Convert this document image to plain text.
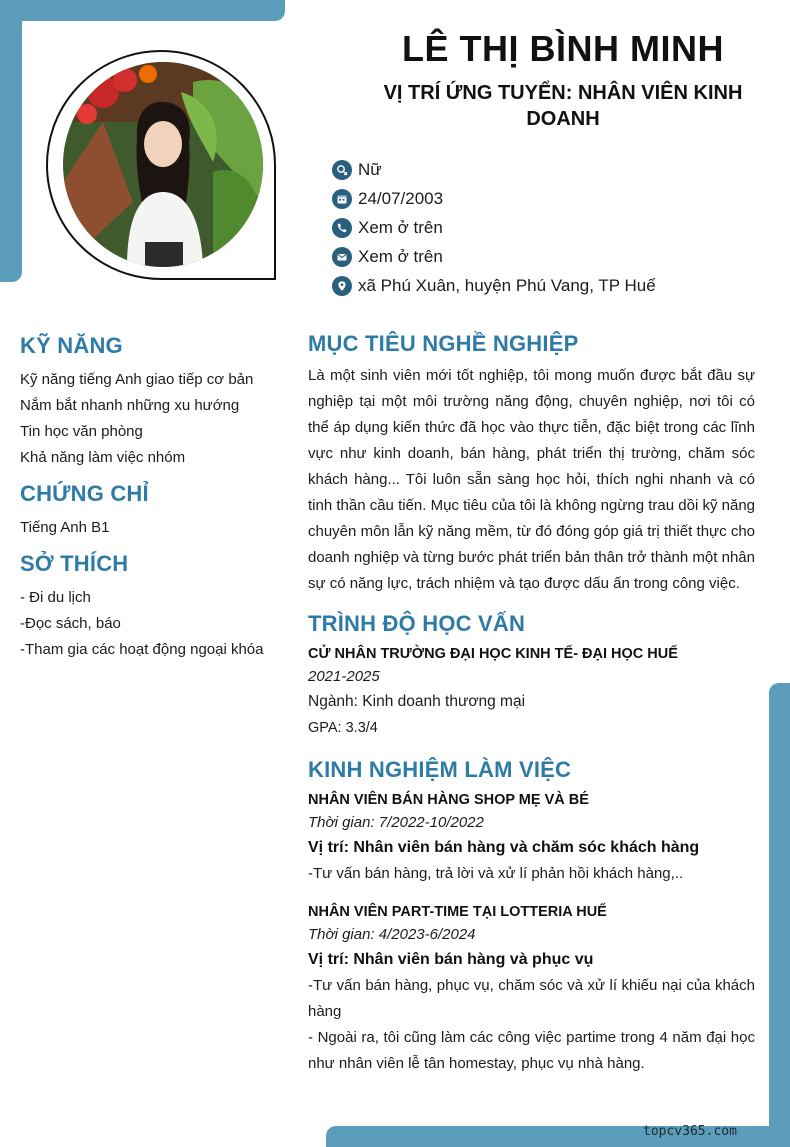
LÊ THỊ BÌNH MINH
VỊ TRÍ ỨNG TUYỂN: NHÂN VIÊN KINH DOANH
Nữ
24/07/2003
Xem ở trên
Xem ở trên
xã Phú Xuân, huyện Phú Vang, TP Huế
KỸ NĂNG
Kỹ năng tiếng Anh giao tiếp cơ bản
Nắm bắt nhanh những xu hướng
Tin học văn phòng
Khả năng làm việc nhóm
CHỨNG CHỈ
Tiếng Anh B1
SỞ THÍCH
- Đi du lịch
-Đọc sách, báo
-Tham gia các hoạt động ngoại khóa
MỤC TIÊU NGHỀ NGHIỆP
Là một sinh viên mới tốt nghiệp, tôi mong muốn được bắt đầu sự nghiệp tại một môi trường năng động, chuyên nghiệp, nơi tôi có thể áp dụng kiến thức đã học vào thực tiễn, đặc biệt trong các lĩnh vực như kinh doanh, bán hàng, phát triển thị trường, chăm sóc khách hàng... Tôi luôn sẵn sàng học hỏi, thích nghi nhanh và có tinh thần cầu tiến. Mục tiêu của tôi là không ngừng trau dồi kỹ năng chuyên môn lẫn kỹ năng mềm, từ đó đóng góp giá trị thiết thực cho doanh nghiệp và từng bước phát triển bản thân trở thành một nhân sự có năng lực, trách nhiệm và tạo được dấu ấn trong công việc.
TRÌNH ĐỘ HỌC VẤN
CỬ NHÂN TRƯỜNG ĐẠI HỌC KINH TẾ- ĐẠI HỌC HUẾ
2021-2025
Ngành: Kinh doanh thương mại
GPA: 3.3/4
KINH NGHIỆM LÀM VIỆC
NHÂN VIÊN BÁN HÀNG SHOP MẸ VÀ BÉ
Thời gian: 7/2022-10/2022
Vị trí: Nhân viên bán hàng và chăm sóc khách hàng
-Tư vấn bán hàng, trả lời và xử lí phản hồi khách hàng,..
NHÂN VIÊN PART-TIME TẠI LOTTERIA HUẾ
Thời gian: 4/2023-6/2024
Vị trí: Nhân viên bán hàng và phục vụ
-Tư vấn bán hàng, phục vụ, chăm sóc và xử lí khiếu nại của khách hàng
- Ngoài ra, tôi cũng làm các công việc partime trong 4 năm đại học như nhân viên lễ tân homestay, phục vụ nhà hàng.
topcv365.com
